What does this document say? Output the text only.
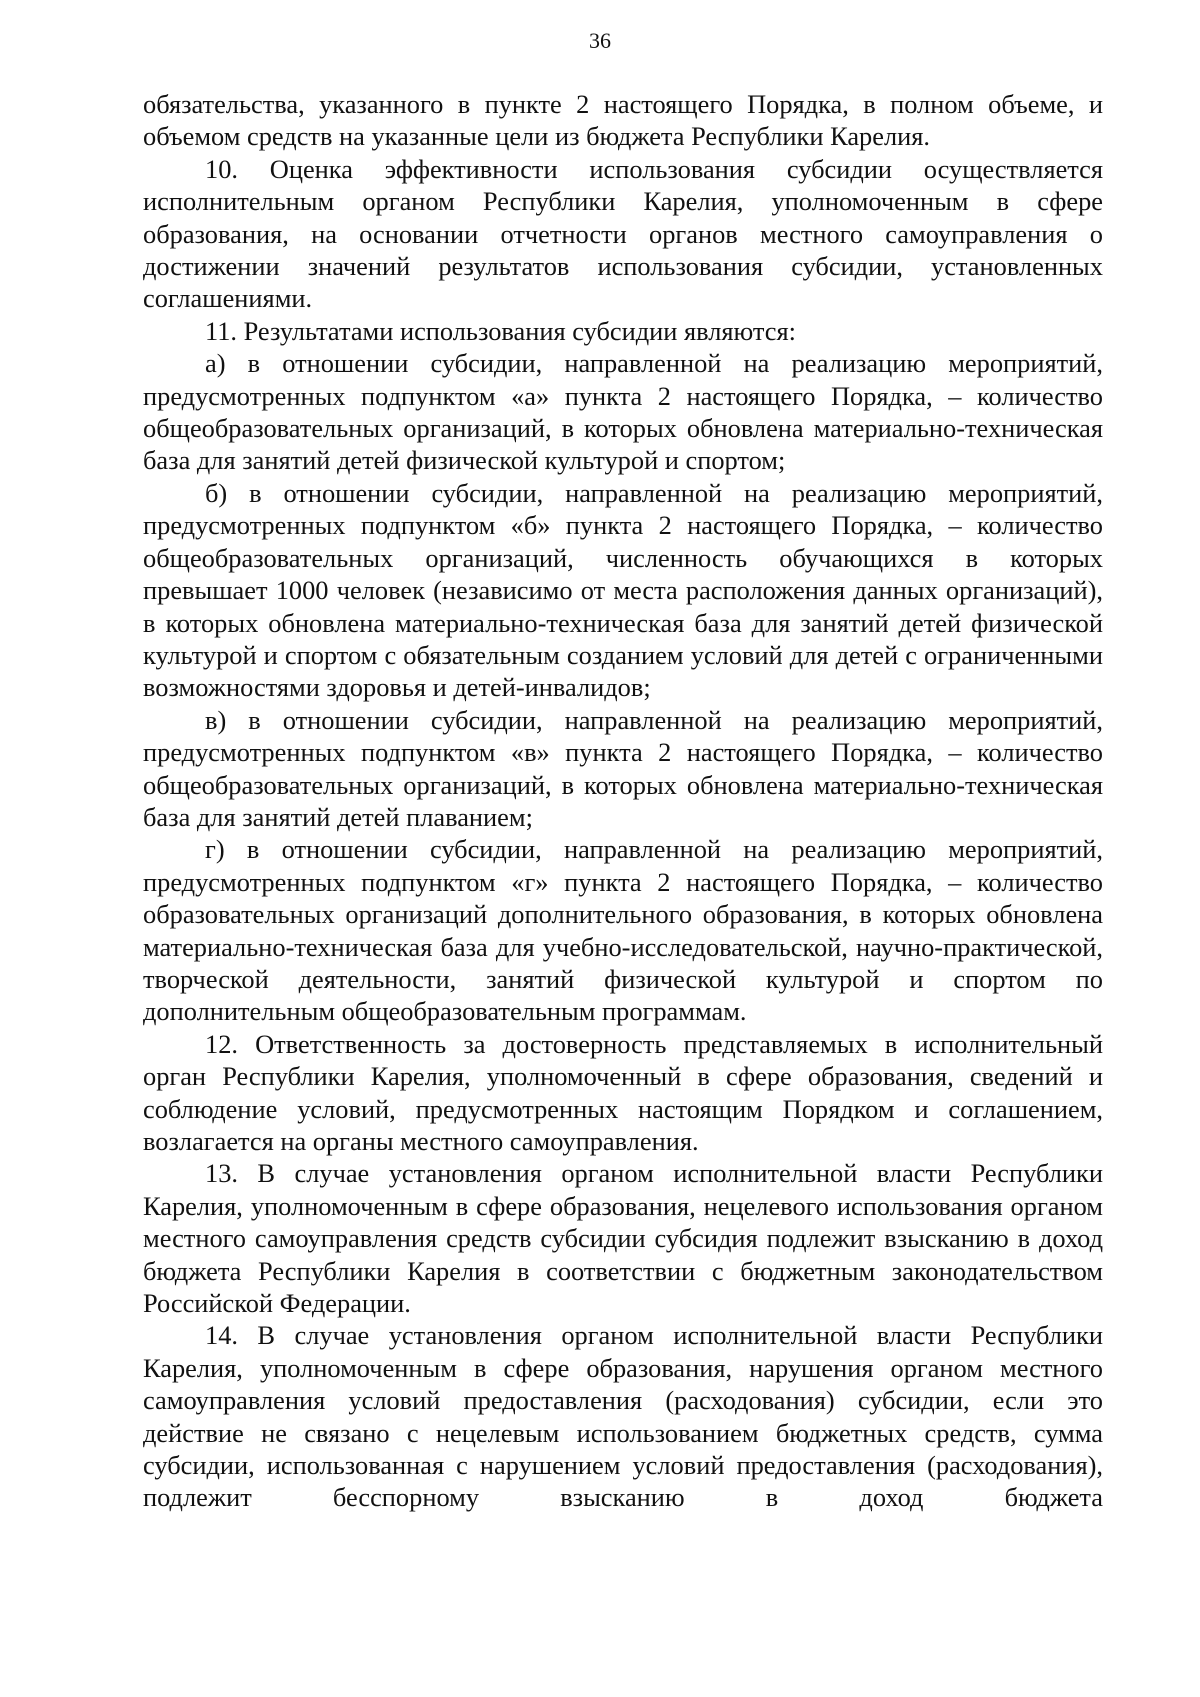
36

обязательства, указанного в пункте 2 настоящего Порядка, в полном объеме, и объемом средств на указанные цели из бюджета Республики Карелия.

10. Оценка эффективности использования субсидии осуществляется исполнительным органом Республики Карелия, уполномоченным в сфере образования, на основании отчетности органов местного самоуправления о достижении значений результатов использования субсидии, установленных соглашениями.

11. Результатами использования субсидии являются:

а) в отношении субсидии, направленной на реализацию мероприятий, предусмотренных подпунктом «а» пункта 2 настоящего Порядка, – количество общеобразовательных организаций, в которых обновлена материально-техническая база для занятий детей физической культурой и спортом;

б) в отношении субсидии, направленной на реализацию мероприятий, предусмотренных подпунктом «б» пункта 2 настоящего Порядка, – количество общеобразовательных организаций, численность обучающихся в которых превышает 1000 человек (независимо от места расположения данных организаций), в которых обновлена материально-техническая база для занятий детей физической культурой и спортом с обязательным созданием условий для детей с ограниченными возможностями здоровья и детей-инвалидов;

в) в отношении субсидии, направленной на реализацию мероприятий, предусмотренных подпунктом «в» пункта 2 настоящего Порядка, – количество общеобразовательных организаций, в которых обновлена материально-техническая база для занятий детей плаванием;

г) в отношении субсидии, направленной на реализацию мероприятий, предусмотренных подпунктом «г» пункта 2 настоящего Порядка, – количество образовательных организаций дополнительного образования, в которых обновлена материально-техническая база для учебно-исследовательской, научно-практической, творческой деятельности, занятий физической культурой и спортом по дополнительным общеобразовательным программам.

12. Ответственность за достоверность представляемых в исполнительный орган Республики Карелия, уполномоченный в сфере образования, сведений и соблюдение условий, предусмотренных настоящим Порядком и соглашением, возлагается на органы местного самоуправления.

13. В случае установления органом исполнительной власти Республики Карелия, уполномоченным в сфере образования, нецелевого использования органом местного самоуправления средств субсидии субсидия подлежит взысканию в доход бюджета Республики Карелия в соответствии с бюджетным законодательством Российской Федерации.

14. В случае установления органом исполнительной власти Республики Карелия, уполномоченным в сфере образования, нарушения органом местного самоуправления условий предоставления (расходования) субсидии, если это действие не связано с нецелевым использованием бюджетных средств, сумма субсидии, использованная с нарушением условий предоставления (расходования), подлежит бесспорному взысканию в доход бюджета
